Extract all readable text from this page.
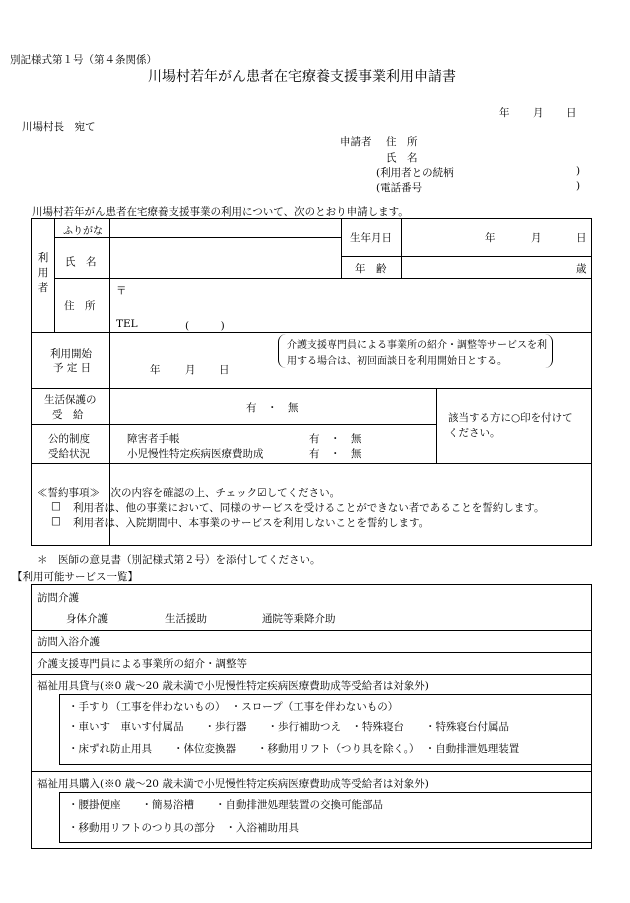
別記様式第１号（第４条関係）
川場村若年がん患者在宅療養支援事業利用申請書
年 月 日
川場村長　宛て
申請者 住　所
氏　名
(利用者との続柄	)
(電話番号	)
川場村若年がん患者在宅療養支援事業の利用について、次のとおり申請します。
利用者
ふりがな
氏　名
生年月日	年	月	日
年　齢	歳
住　所
〒
TEL	(　　　)
利用開始
予 定 日	年 月 日
介護支援専門員による事業所の紹介・調整等サービスを利
用する場合は、初回面談日を利用開始日とする。
生活保護の
受　給
有　・　無
該当する方に○印を付けて
ください。
公的制度
受給状況
障害者手帳	有　・　無
小児慢性特定疾病医療費助成	有　・　無
≪誓約事項≫　次の内容を確認の上、チェック☑してください。
□ 利用者は、他の事業において、同様のサービスを受けることができない者であることを誓約します。
□ 利用者は、入院期間中、本事業のサービスを利用しないことを誓約します。
＊　医師の意見書（別記様式第２号）を添付してください。
【利用可能サービス一覧】
訪問介護
身体介護	生活援助	通院等乗降介助
訪問入浴介護
介護支援専門員による事業所の紹介・調整等
福祉用具貸与(※0 歳～20 歳未満で小児慢性特定疾病医療費助成等受給者は対象外)
・手すり（工事を伴わないもの）　・スロープ（工事を伴わないもの）
・車いす　車いす付属品　　・歩行器　　・歩行補助つえ　・特殊寝台　　・特殊寝台付属品
・床ずれ防止用具　　・体位変換器　　・移動用リフト（つり具を除く。）　・自動排泄処理装置
福祉用具購入(※0 歳～20 歳未満で小児慢性特定疾病医療費助成等受給者は対象外)
・腰掛便座　　・簡易浴槽　　・自動排泄処理装置の交換可能部品
・移動用リフトのつり具の部分　・入浴補助用具
